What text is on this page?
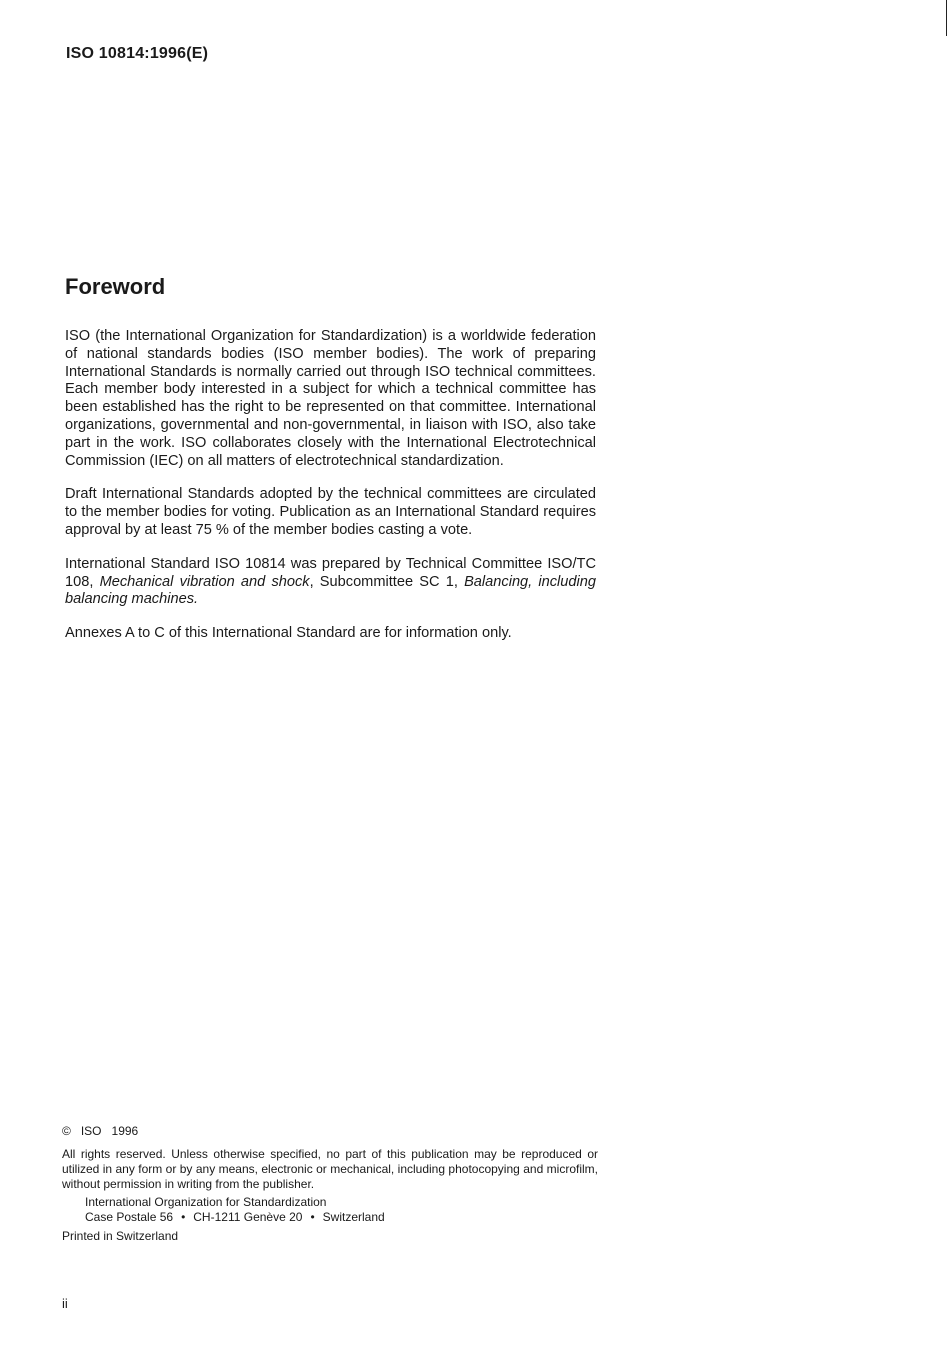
ISO 10814:1996(E)
Foreword

ISO (the International Organization for Standardization) is a worldwide federation of national standards bodies (ISO member bodies). The work of preparing International Standards is normally carried out through ISO technical committees. Each member body interested in a subject for which a technical committee has been established has the right to be represented on that committee. International organizations, governmental and non-governmental, in liaison with ISO, also take part in the work. ISO collaborates closely with the International Electrotechnical Commission (IEC) on all matters of electrotechnical standardization.

Draft International Standards adopted by the technical committees are circulated to the member bodies for voting. Publication as an International Standard requires approval by at least 75 % of the member bodies casting a vote.

International Standard ISO 10814 was prepared by Technical Committee ISO/TC 108, Mechanical vibration and shock, Subcommittee SC 1, Balancing, including balancing machines.

Annexes A to C of this International Standard are for information only.

© ISO 1996

All rights reserved. Unless otherwise specified, no part of this publication may be reproduced or utilized in any form or by any means, electronic or mechanical, including photocopying and microfilm, without permission in writing from the publisher.

International Organization for Standardization
Case Postale 56 • CH-1211 Genève 20 • Switzerland

Printed in Switzerland

ii
